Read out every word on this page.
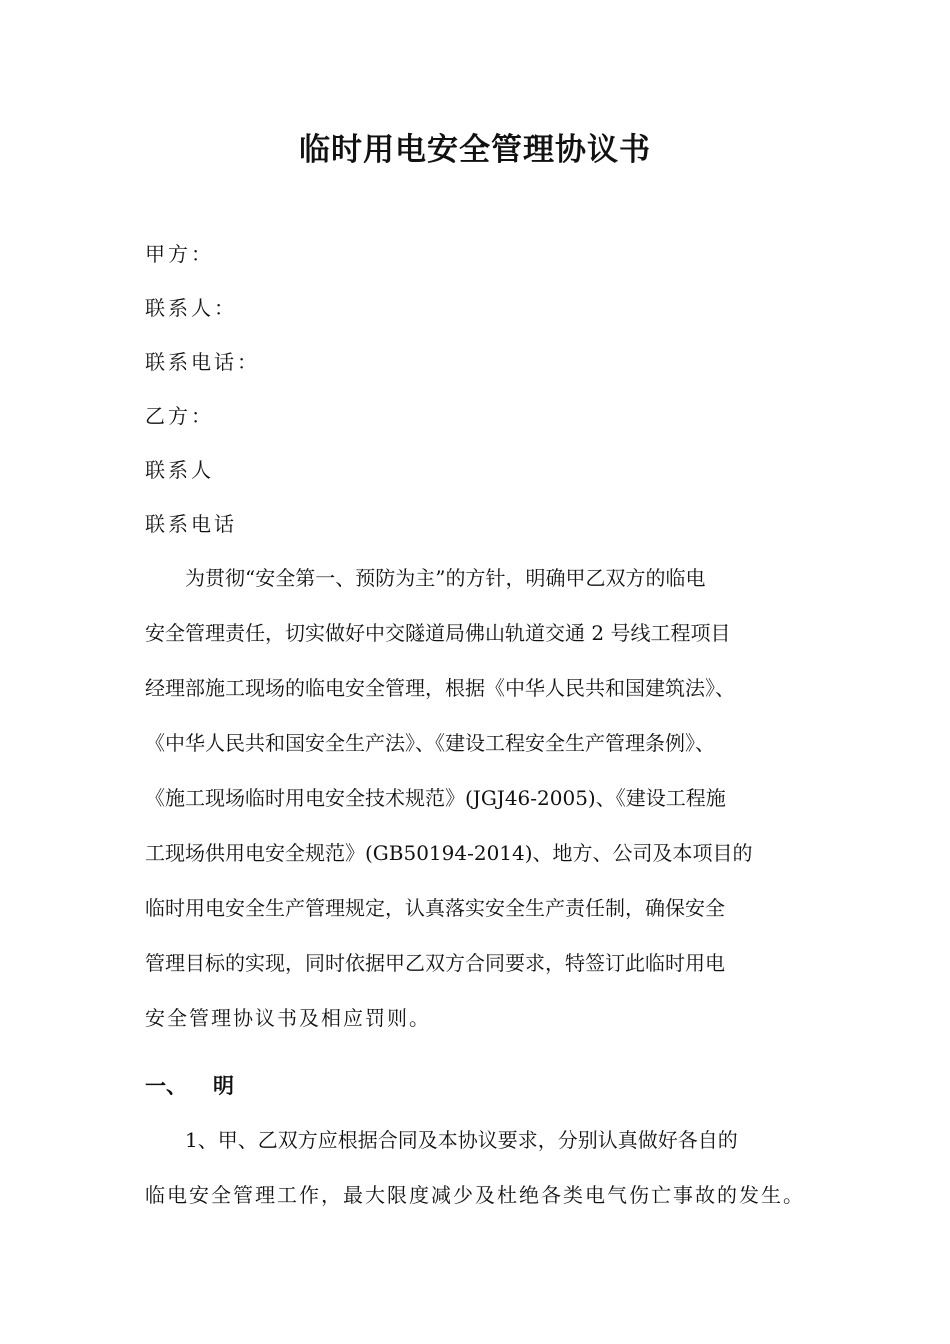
临时用电安全管理协议书

甲方：

联系人：

联系电话：

乙方：

联系人

联系电话

　　为贯彻“安全第一、预防为主”的方针，明确甲乙双方的临电

安全管理责任，切实做好中交隧道局佛山轨道交通 2 号线工程项目

经理部施工现场的临电安全管理，根据《中华人民共和国建筑法》、

《中华人民共和国安全生产法》、《建设工程安全生产管理条例》、

《施工现场临时用电安全技术规范》(JGJ46-2005)、《建设工程施

工现场供用电安全规范》(GB50194-2014)、地方、公司及本项目的

临时用电安全生产管理规定，认真落实安全生产责任制，确保安全

管理目标的实现，同时依据甲乙双方合同要求，特签订此临时用电

安全管理协议书及相应罚则。

一、 明

　　1、甲、乙双方应根据合同及本协议要求，分别认真做好各自的

临电安全管理工作，最大限度减少及杜绝各类电气伤亡事故的发生。
